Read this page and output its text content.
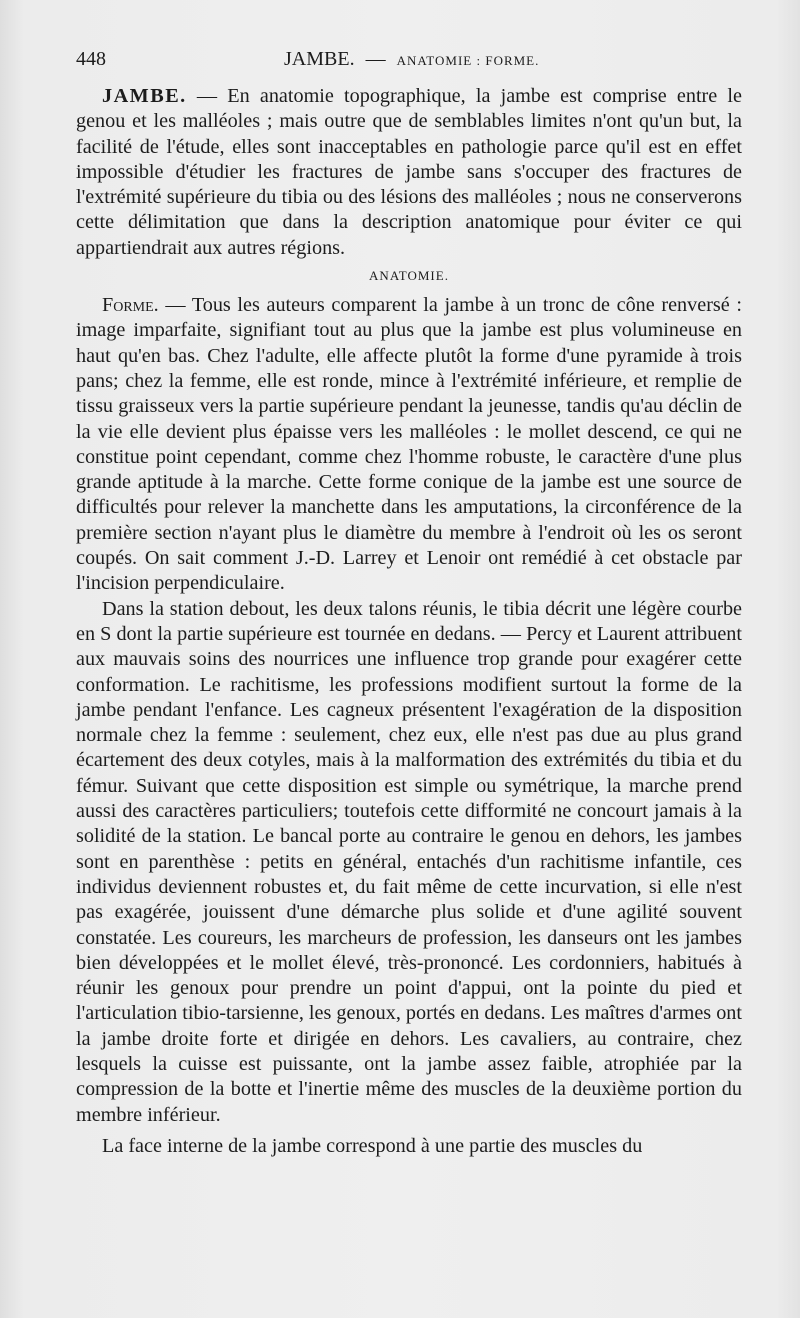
448	JAMBE. — ANATOMIE : FORME.

JAMBE. — En anatomie topographique, la jambe est comprise entre le genou et les malléoles ; mais outre que de semblables limites n'ont qu'un but, la facilité de l'étude, elles sont inacceptables en pathologie parce qu'il est en effet impossible d'étudier les fractures de jambe sans s'occuper des fractures de l'extrémité supérieure du tibia ou des lésions des malléoles ; nous ne conserverons cette délimitation que dans la description anatomique pour éviter ce qui appartiendrait aux autres régions.

ANATOMIE.

Forme. — Tous les auteurs comparent la jambe à un tronc de cône renversé : image imparfaite, signifiant tout au plus que la jambe est plus volumineuse en haut qu'en bas. Chez l'adulte, elle affecte plutôt la forme d'une pyramide à trois pans; chez la femme, elle est ronde, mince à l'extrémité inférieure, et remplie de tissu graisseux vers la partie supérieure pendant la jeunesse, tandis qu'au déclin de la vie elle devient plus épaisse vers les malléoles : le mollet descend, ce qui ne constitue point cependant, comme chez l'homme robuste, le caractère d'une plus grande aptitude à la marche. Cette forme conique de la jambe est une source de difficultés pour relever la manchette dans les amputations, la circonférence de la première section n'ayant plus le diamètre du membre à l'endroit où les os seront coupés. On sait comment J.-D. Larrey et Lenoir ont remédié à cet obstacle par l'incision perpendiculaire.

Dans la station debout, les deux talons réunis, le tibia décrit une légère courbe en S dont la partie supérieure est tournée en dedans. — Percy et Laurent attribuent aux mauvais soins des nourrices une influence trop grande pour exagérer cette conformation. Le rachitisme, les professions modifient surtout la forme de la jambe pendant l'enfance. Les cagneux présentent l'exagération de la disposition normale chez la femme : seulement, chez eux, elle n'est pas due au plus grand écartement des deux cotyles, mais à la malformation des extrémités du tibia et du fémur. Suivant que cette disposition est simple ou symétrique, la marche prend aussi des caractères particuliers; toutefois cette difformité ne concourt jamais à la solidité de la station. Le bancal porte au contraire le genou en dehors, les jambes sont en parenthèse : petits en général, entachés d'un rachitisme infantile, ces individus deviennent robustes et, du fait même de cette incurvation, si elle n'est pas exagérée, jouissent d'une démarche plus solide et d'une agilité souvent constatée. Les coureurs, les marcheurs de profession, les danseurs ont les jambes bien développées et le mollet élevé, très-prononcé. Les cordonniers, habitués à réunir les genoux pour prendre un point d'appui, ont la pointe du pied et l'articulation tibio-tarsienne, les genoux, portés en dedans. Les maîtres d'armes ont la jambe droite forte et dirigée en dehors. Les cavaliers, au contraire, chez lesquels la cuisse est puissante, ont la jambe assez faible, atrophiée par la compression de la botte et l'inertie même des muscles de la deuxième portion du membre inférieur.

La face interne de la jambe correspond à une partie des muscles du
